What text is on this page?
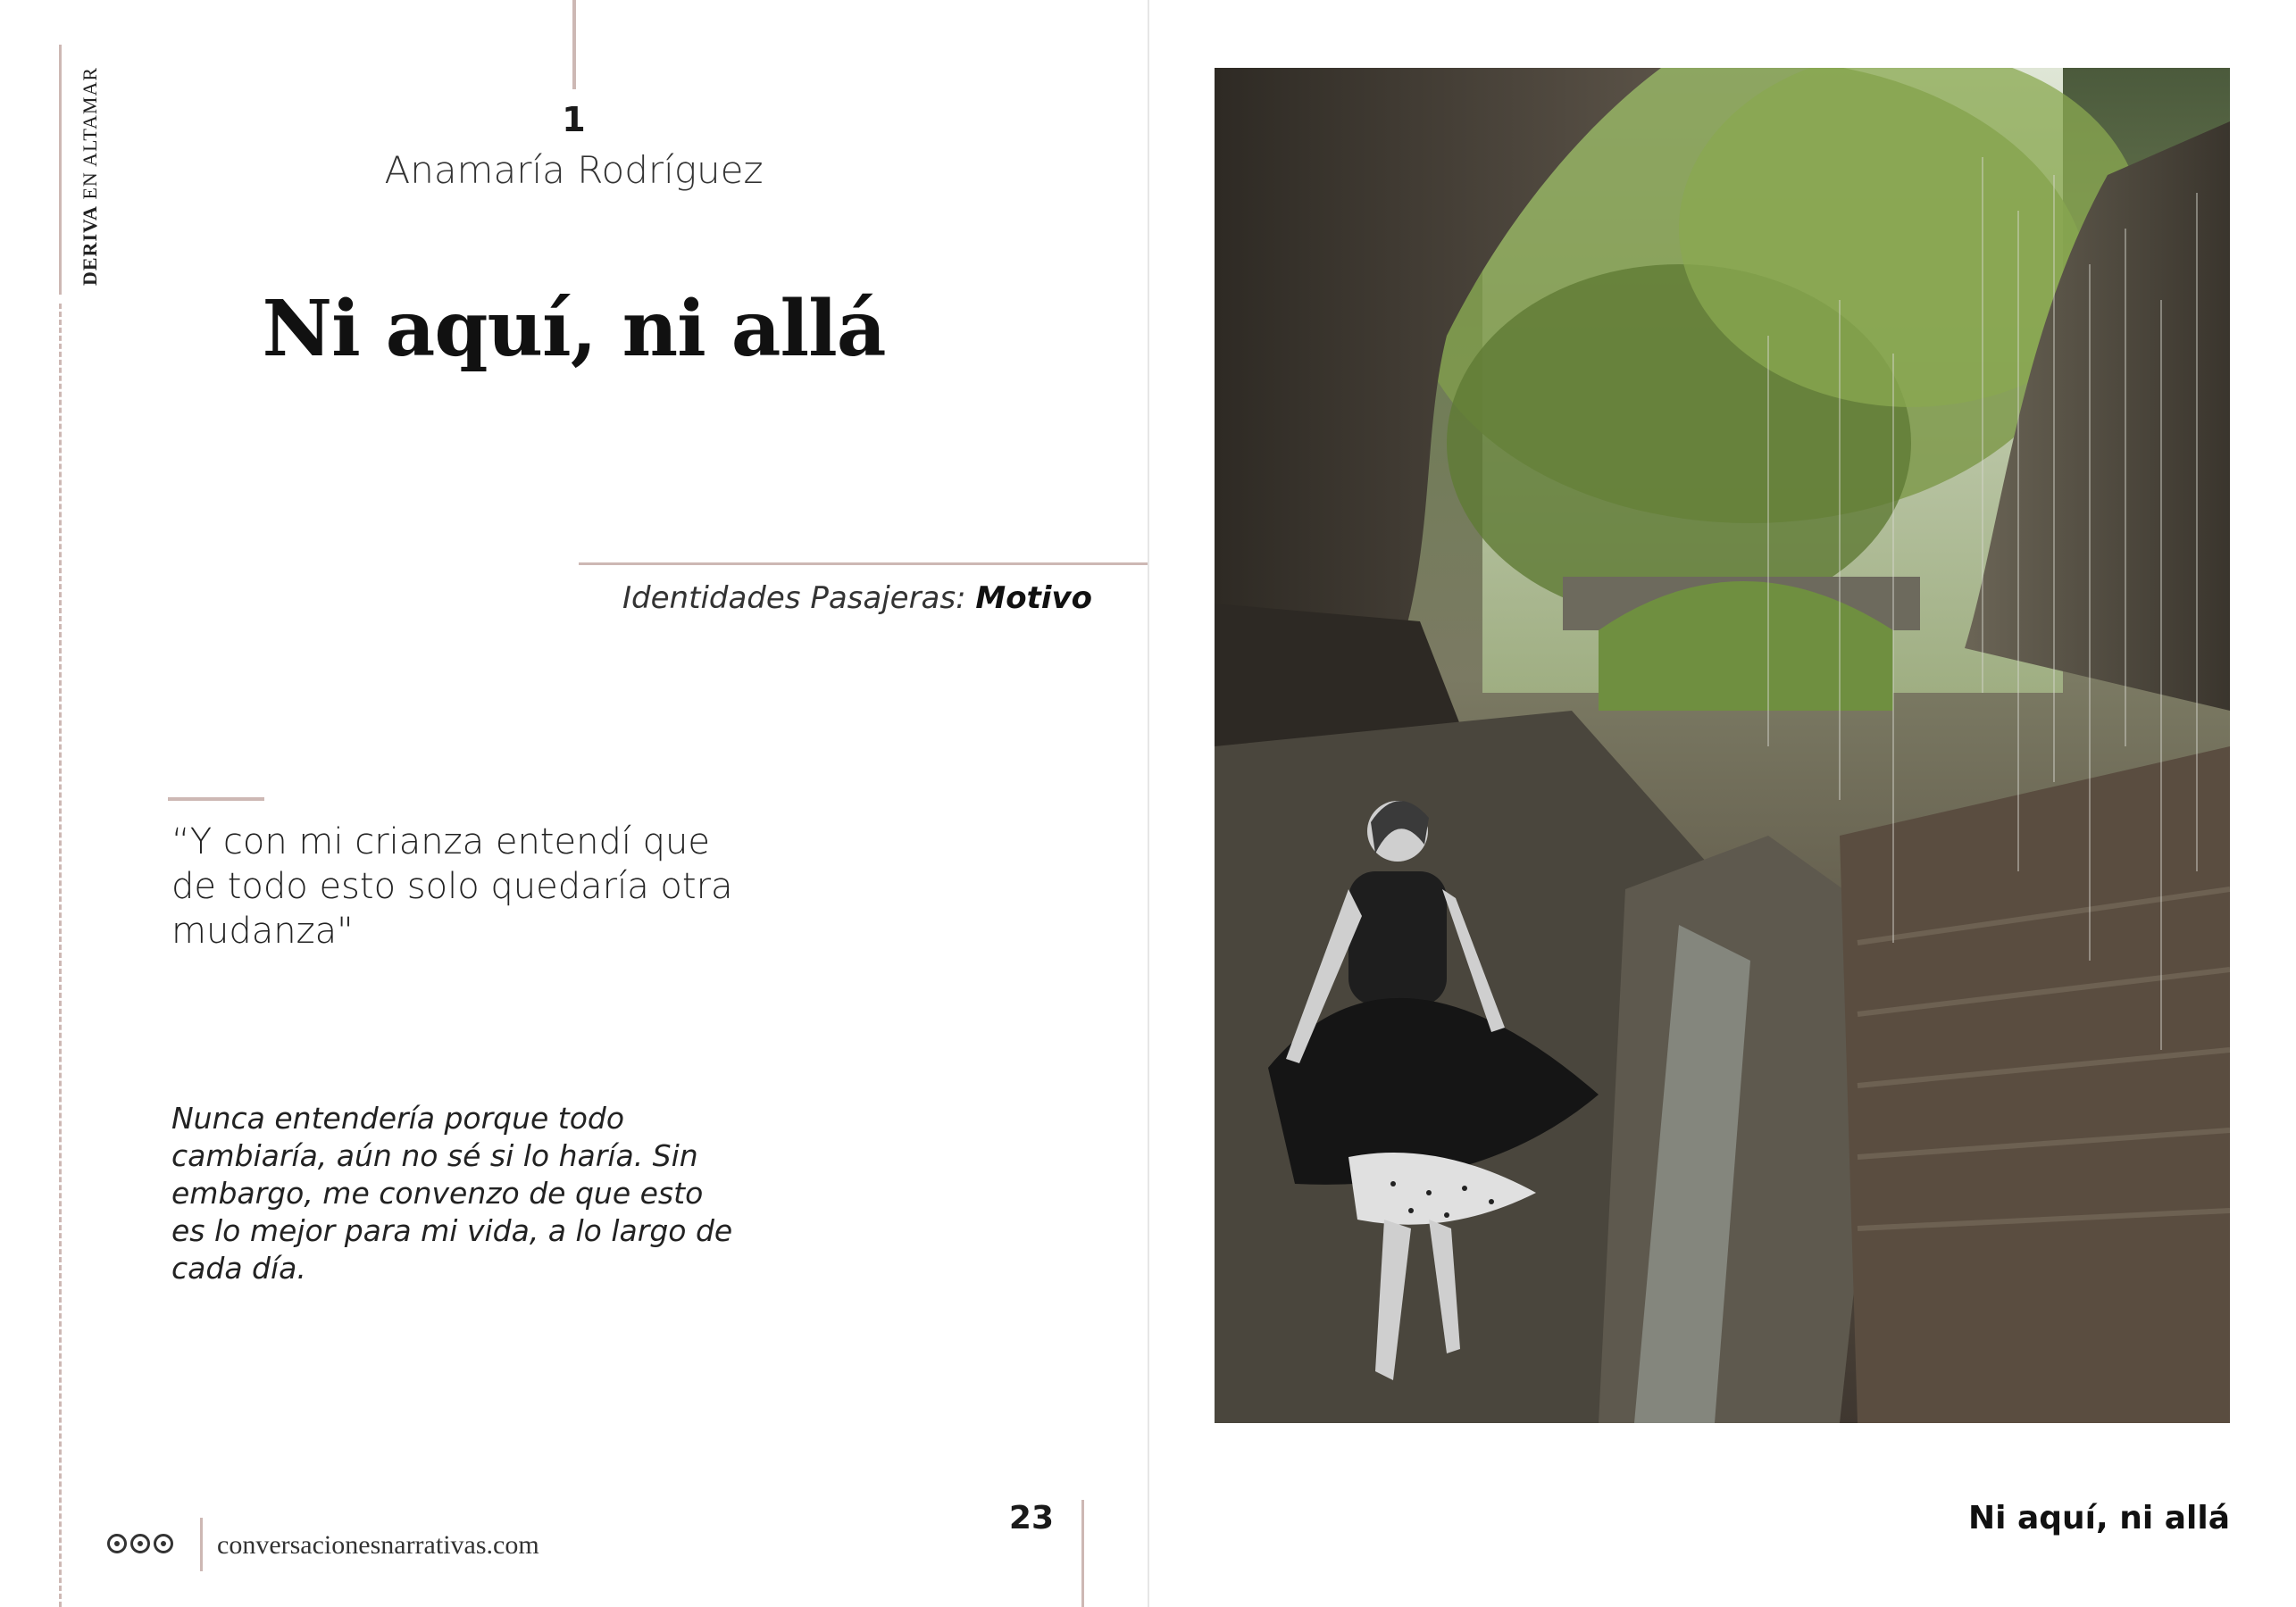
DERIVA EN ALTAMAR	1
Anamaría Rodríguez
Ni aquí, ni allá
Identidades Pasajeras: Motivo
“Y con mi crianza entendí que de todo esto solo quedaría otra mudanza"
Nunca entendería porque todo cambiaría, aún no sé si lo haría. Sin embargo, me convenzo de que esto es lo mejor para mi vida, a lo largo de cada día.
conversacionesnarrativas.com
23	Ni aquí, ni allá
